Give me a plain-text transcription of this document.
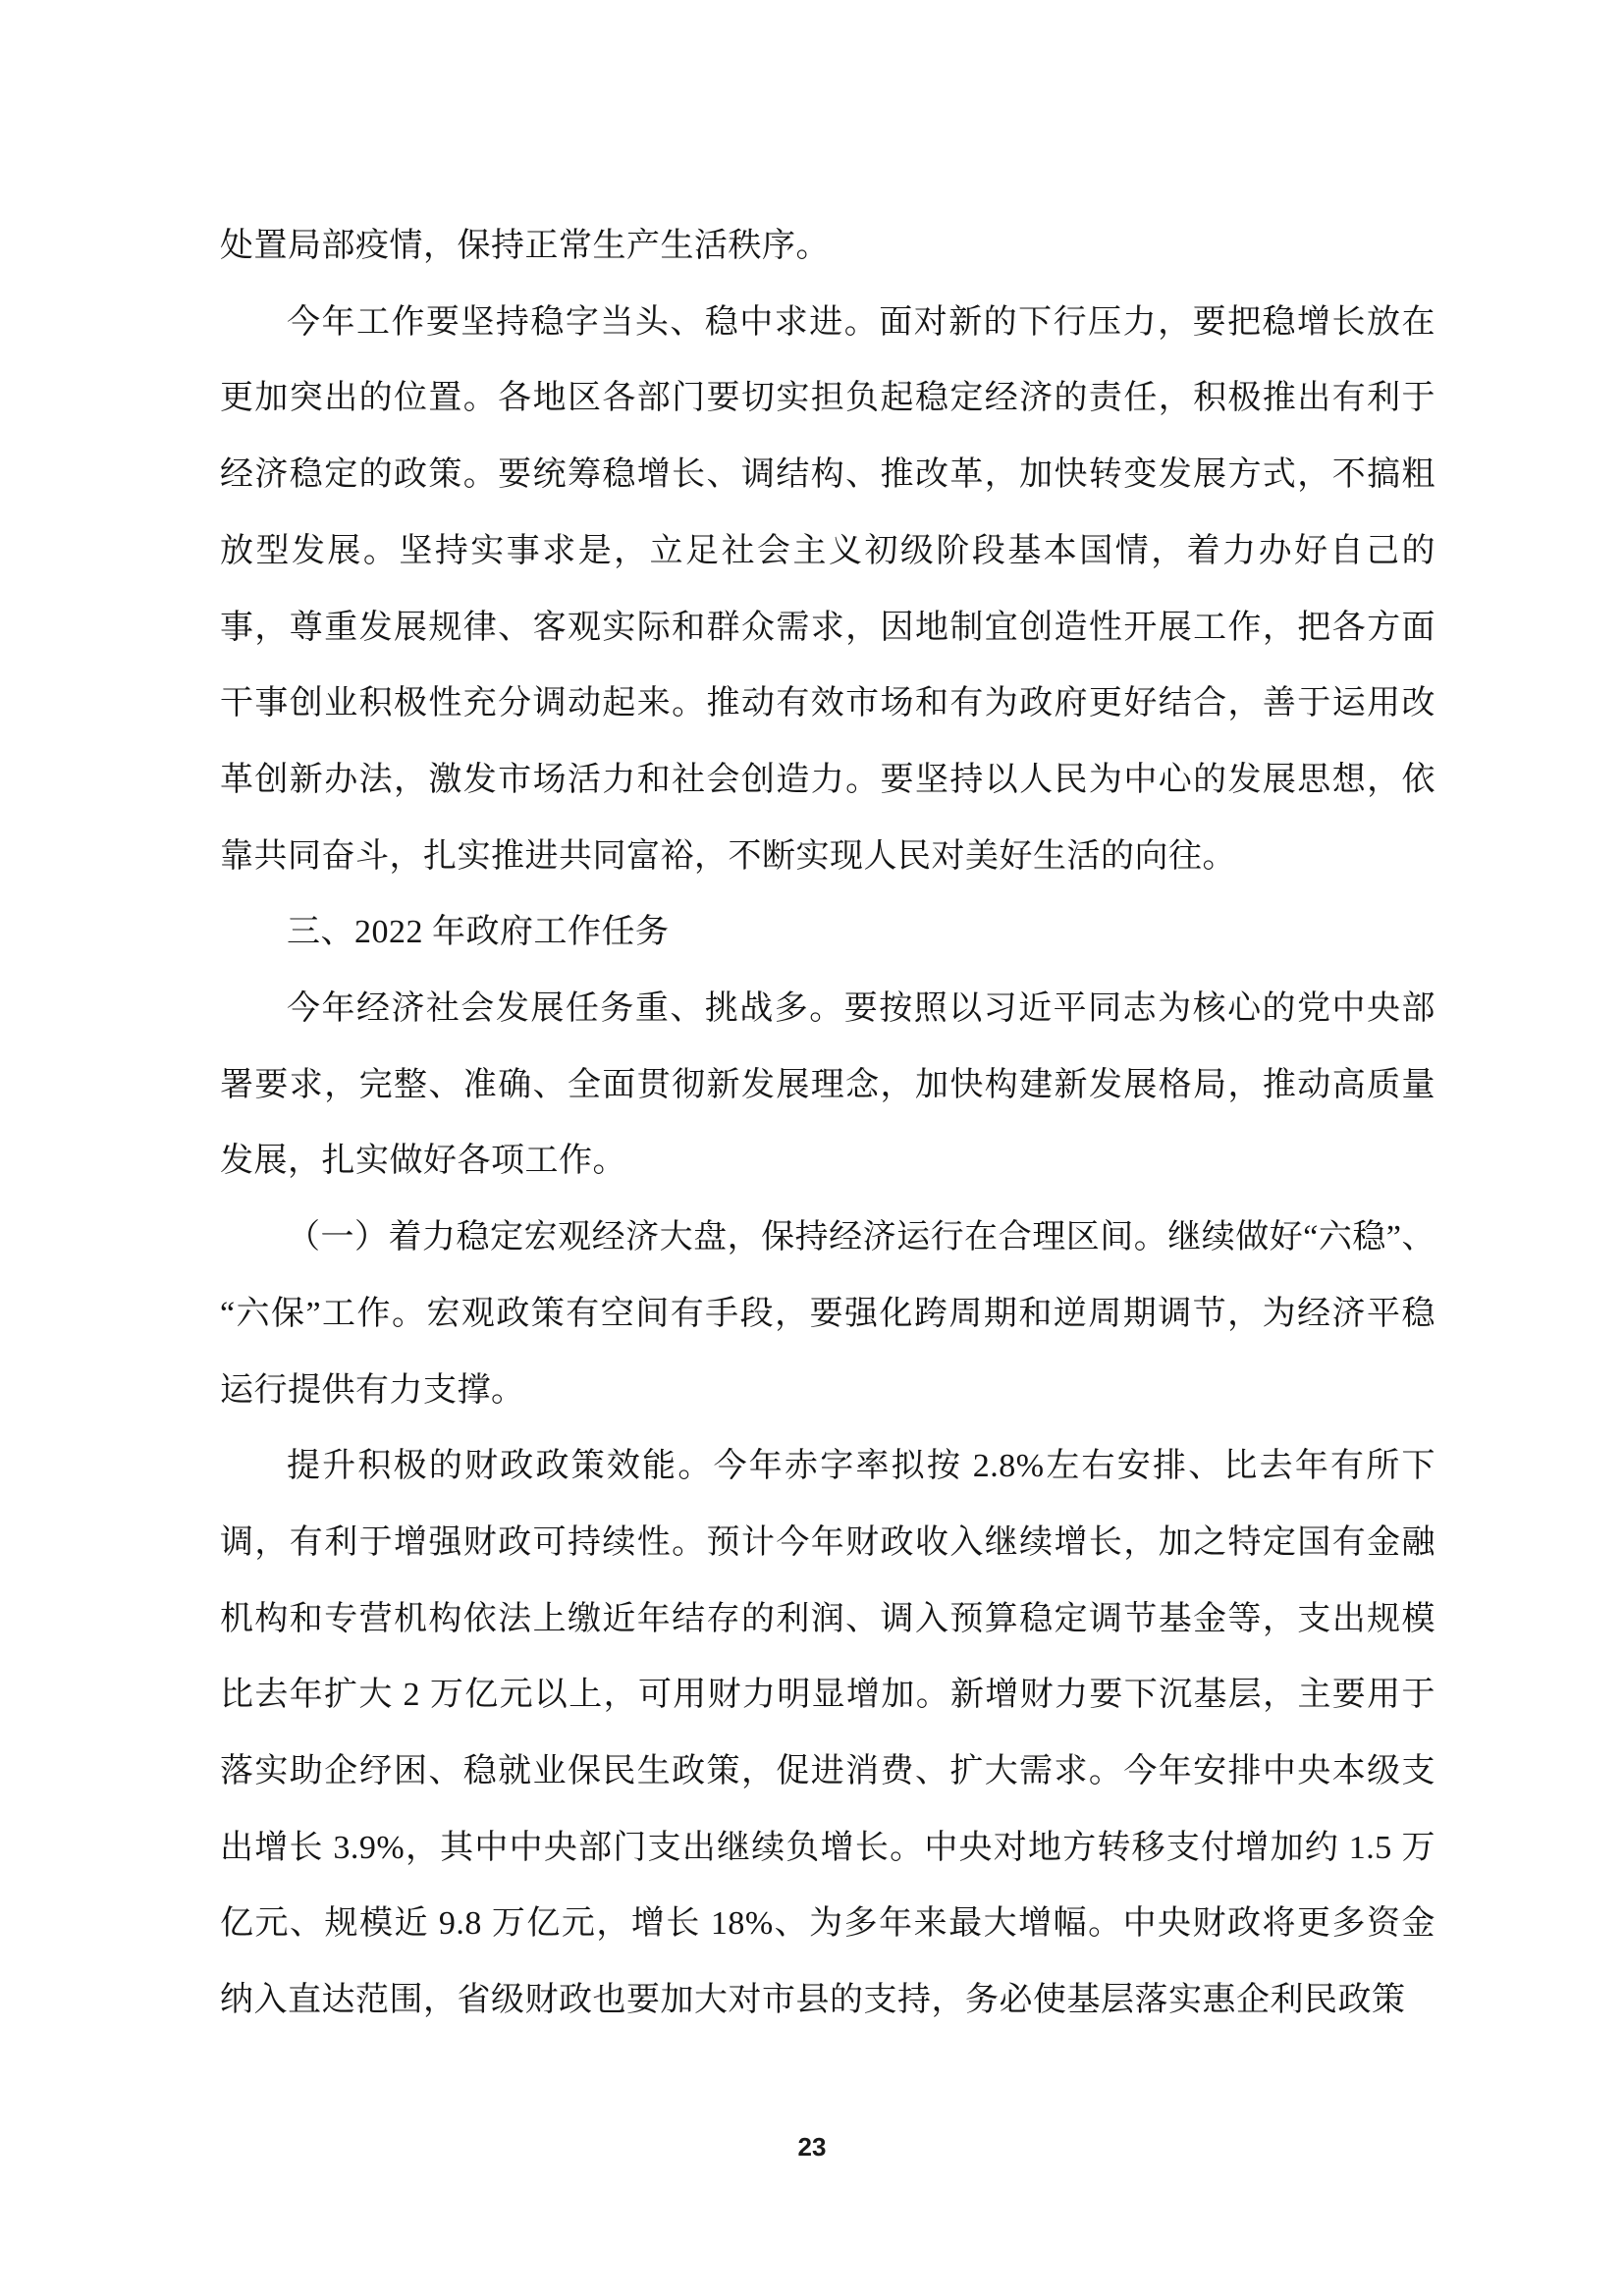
处置局部疫情，保持正常生产生活秩序。

今年工作要坚持稳字当头、稳中求进。面对新的下行压力，要把稳增长放在更加突出的位置。各地区各部门要切实担负起稳定经济的责任，积极推出有利于经济稳定的政策。要统筹稳增长、调结构、推改革，加快转变发展方式，不搞粗放型发展。坚持实事求是，立足社会主义初级阶段基本国情，着力办好自己的事，尊重发展规律、客观实际和群众需求，因地制宜创造性开展工作，把各方面干事创业积极性充分调动起来。推动有效市场和有为政府更好结合，善于运用改革创新办法，激发市场活力和社会创造力。要坚持以人民为中心的发展思想，依靠共同奋斗，扎实推进共同富裕，不断实现人民对美好生活的向往。

三、2022 年政府工作任务

今年经济社会发展任务重、挑战多。要按照以习近平同志为核心的党中央部署要求，完整、准确、全面贯彻新发展理念，加快构建新发展格局，推动高质量发展，扎实做好各项工作。

（一）着力稳定宏观经济大盘，保持经济运行在合理区间。继续做好“六稳”、“六保”工作。宏观政策有空间有手段，要强化跨周期和逆周期调节，为经济平稳运行提供有力支撑。

提升积极的财政政策效能。今年赤字率拟按 2.8%左右安排、比去年有所下调，有利于增强财政可持续性。预计今年财政收入继续增长，加之特定国有金融机构和专营机构依法上缴近年结存的利润、调入预算稳定调节基金等，支出规模比去年扩大 2 万亿元以上，可用财力明显增加。新增财力要下沉基层，主要用于落实助企纾困、稳就业保民生政策，促进消费、扩大需求。今年安排中央本级支出增长 3.9%，其中中央部门支出继续负增长。中央对地方转移支付增加约 1.5 万亿元、规模近 9.8 万亿元，增长 18%、为多年来最大增幅。中央财政将更多资金纳入直达范围，省级财政也要加大对市县的支持，务必使基层落实惠企利民政策

23
